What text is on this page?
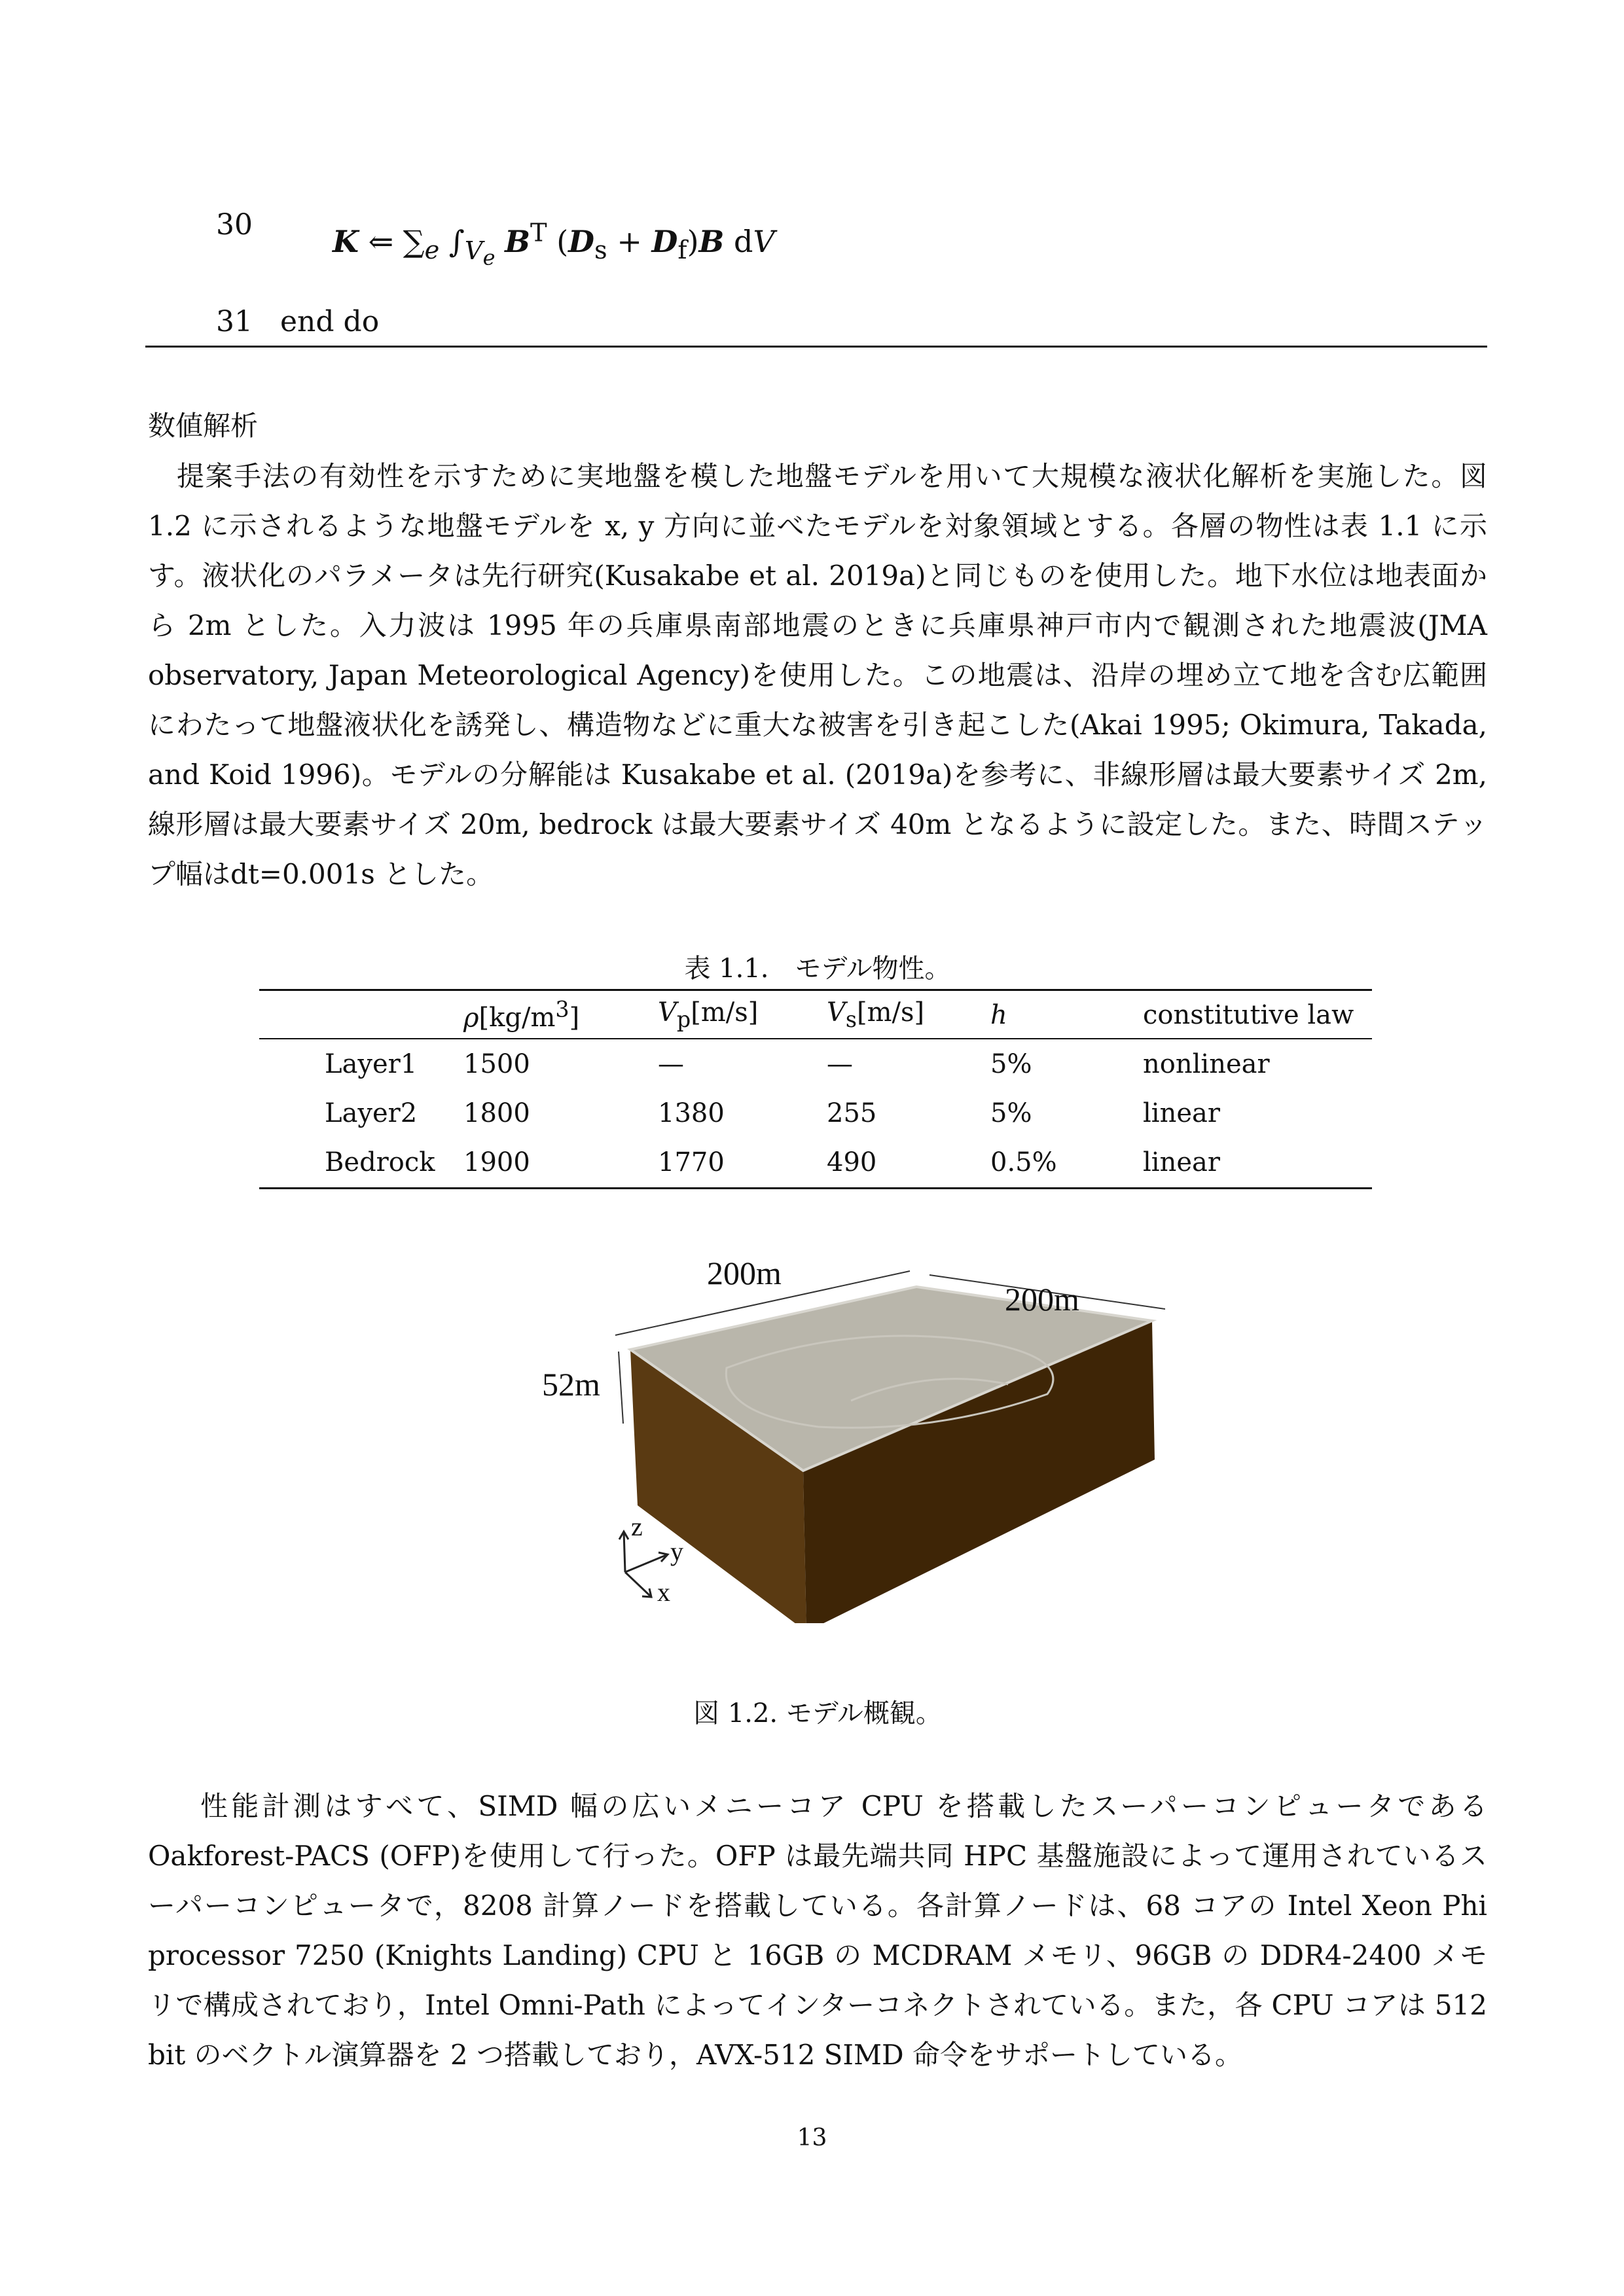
30	K ⇐ $\sum_e$ $\int_{V_e}$ $B^T$ $(D_s + D_f)B$ dV
31 end do
数値解析

提案手法の有効性を示すために実地盤を模した地盤モデルを用いて大規模な液状化解析を実施した。図 1.2 に示されるような地盤モデルを x, y 方向に並べたモデルを対象領域とする。各層の物性は表 1.1 に示す。液状化のパラメータは先行研究(Kusakabe et al. 2019a)と同じものを使用した。地下水位は地表面から 2m とした。入力波は 1995 年の兵庫県南部地震のときに兵庫県神戸市内で観測された地震波(JMA observatory, Japan Meteorological Agency)を使用した。この地震は、沿岸の埋め立て地を含む広範囲にわたって地盤液状化を誘発し、構造物などに重大な被害を引き起こした(Akai 1995; Okimura, Takada, and Koid 1996)。モデルの分解能は Kusakabe et al. (2019a)を参考に、非線形層は最大要素サイズ 2m, 線形層は最大要素サイズ 20m, bedrock は最大要素サイズ 40m となるように設定した。また、時間ステップ幅はdt=0.001s とした。

表 1.1.　モデル物性。
	$\rho[kg/m^3]$	$V_p[m/s]$	$V_s[m/s]$	h	constitutive law
Layer1	1500	—	—	5%	nonlinear
Layer2	1800	1380	255	5%	linear
Bedrock	1900	1770	490	0.5%	linear
200m
200m
52m
z
y
x
図 1.2. モデル概観。

性能計測はすべて、SIMD 幅の広いメニーコア CPU を搭載したスーパーコンピュータである Oakforest-PACS (OFP)を使用して行った。OFP は最先端共同 HPC 基盤施設によって運用されているスーパーコンピュータで，8208 計算ノードを搭載している。各計算ノードは、68 コアの Intel Xeon Phi processor 7250 (Knights Landing) CPU と 16GB の MCDRAM メモリ、96GB の DDR4-2400 メモリで構成されており，Intel Omni-Path によってインターコネクトされている。また，各 CPU コアは 512 bit のベクトル演算器を 2 つ搭載しており，AVX-512 SIMD 命令をサポートしている。

13
